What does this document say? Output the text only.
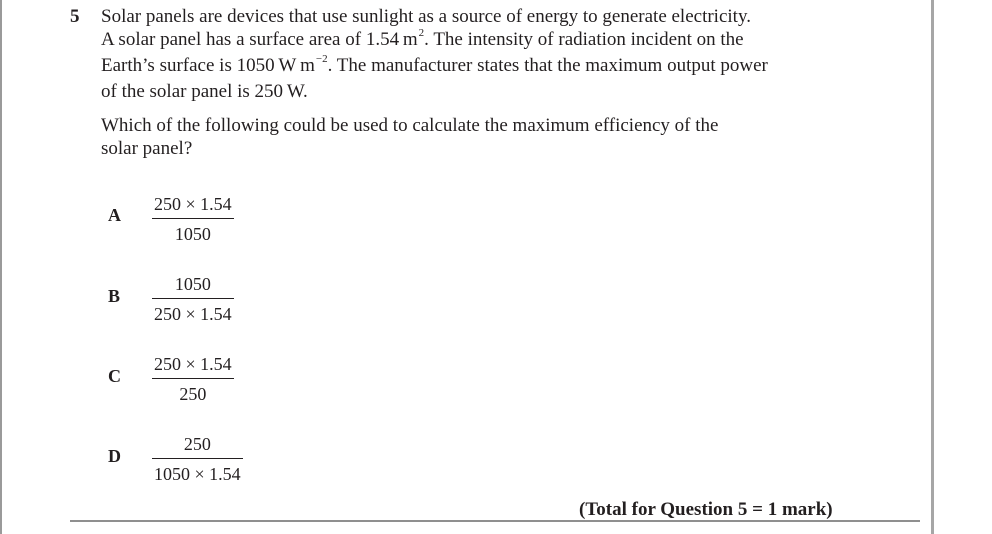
5 Solar panels are devices that use sunlight as a source of energy to generate electricity.
A solar panel has a surface area of 1.54 $m^2$. The intensity of radiation incident on the
Earth’s surface is 1050 W $m^{-2}$. The manufacturer states that the maximum output power
of the solar panel is 250 W.
Which of the following could be used to calculate the maximum efficiency of the
solar panel?
A
250 × 1.54
1050
B
1050
250 × 1.54
C
250 × 1.54
250
D
250
1050 × 1.54
(Total for Question 5 = 1 mark)
